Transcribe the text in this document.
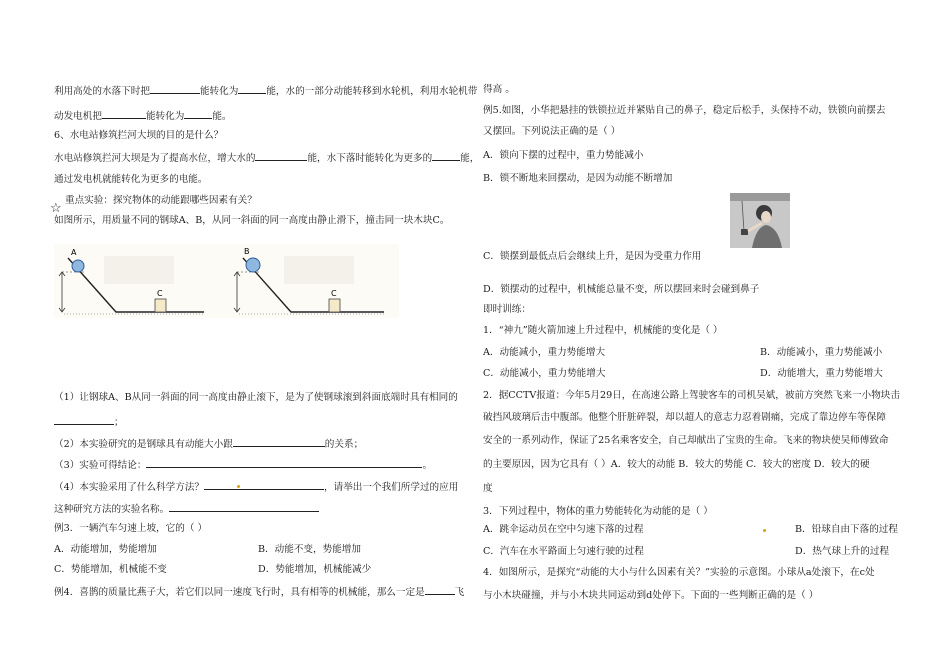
利用高处的水落下时把	能转化为	能，水的一部分动能转移到水轮机，利用水轮机带
动发电机把	能转化为	能。
6、水电站修筑拦河大坝的目的是什么？
水电站修筑拦河大坝是为了提高水位，增大水的	能，水下落时能转化为更多的	能，
通过发电机就能转化为更多的电能。
☆
重点实验：探究物体的动能跟哪些因素有关？
如图所示，用质量不同的钢球A、B，从同一斜面的同一高度由静止滑下，撞击同一块木块C。
A
C
B
C
（1）让钢球A、B从同一斜面的同一高度由静止滚下，是为了使钢球滚到斜面底端时具有相同的
；
（2）本实验研究的是钢球具有动能大小跟	的关系；
（3）实验可得结论：	。
（4）本实验采用了什么科学方法？	，请举出一个我们所学过的应用
这种研究方法的实验名称。
例3．一辆汽车匀速上坡，它的（ ）
A．动能增加，势能增加	B．动能不变，势能增加
C．势能增加，机械能不变	D．势能增加，机械能减少
例4．喜鹊的质量比燕子大，若它们以同一速度飞行时，具有相等的机械能，那么一定是	飞
得高 。
例5.如图，小华把悬挂的铁锁拉近并紧贴自己的鼻子，稳定后松手，头保持不动，铁锁向前摆去
又摆回。下列说法正确的是（ ）
A．锁向下摆的过程中，重力势能减小
B．锁不断地来回摆动，是因为动能不断增加
C．锁摆到最低点后会继续上升，是因为受重力作用
D．锁摆动的过程中，机械能总量不变，所以摆回来时会碰到鼻子
即时训练：
1．“神九”随火箭加速上升过程中，机械能的变化是（ ）
A．动能减小，重力势能增大	B．动能减小，重力势能减小
C．动能减小，重力势能增大	D．动能增大，重力势能增大
2．据CCTV报道：今年5月29日，在高速公路上驾驶客车的司机吴斌，被前方突然飞来一小物块击
破挡风玻璃后击中腹部。他整个肝脏碎裂，却以超人的意志力忍着剧痛，完成了靠边停车等保障
安全的一系列动作，保证了25名乘客安全，自己却献出了宝贵的生命。飞来的物块使吴师傅致命
的主要原因，因为它具有（ ）A．较大的动能 B．较大的势能 C．较大的密度 D．较大的硬
度
3．下列过程中，物体的重力势能转化为动能的是（ ）
A．跳伞运动员在空中匀速下落的过程	B．铅球自由下落的过程
C．汽车在水平路面上匀速行驶的过程	D．热气球上升的过程
4．如图所示，是探究“动能的大小与什么因素有关？”实验的示意图。小球从a处滚下，在c处
与小木块碰撞，并与小木块共同运动到d处停下。下面的一些判断正确的是（ ）
